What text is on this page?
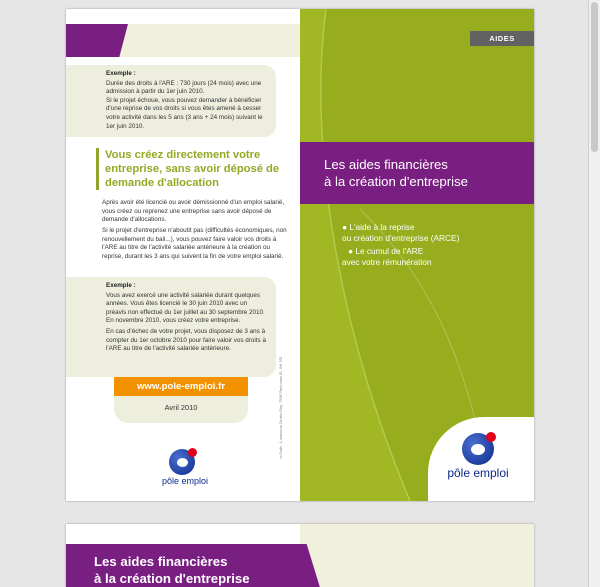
Exemple :

Durée des droits à l'ARE : 730 jours (24 mois) avec une admission à partir du 1er juin 2010.

Si le projet échoue, vous pouvez demander à bénéficier d'une reprise de vos droits si vous êtes amené à cesser votre activité dans les 5 ans (3 ans + 24 mois) suivant le 1er juin 2010.

Vous créez directement votre entreprise, sans avoir déposé de demande d'allocation
Après avoir été licencié ou avoir démissionné d'un emploi salarié, vous créez ou reprenez une entreprise sans avoir déposé de demande d'allocations.
Si le projet d'entreprise n'aboutit pas (difficultés économiques, non renouvellement du bail...), vous pouvez faire valoir vos droits à l'ARE au titre de l'activité salariée antérieure à la création ou reprise, durant les 3 ans qui suivent la fin de votre emploi salarié.
Exemple :

Vous avez exercé une activité salariée durant quelques années. Vous êtes licencié le 30 juin 2010 avec un préavis non effectué du 1er juillet au 30 septembre 2010. En novembre 2010, vous créez votre entreprise.

En cas d'échec de votre projet, vous disposez de 3 ans à compter du 1er octobre 2010 pour faire valoir vos droits à l'ARE au titre de l'activité salariée antérieure.

www.pole-emploi.fr
Avril 2010
pôle emploi
Le Guide - 1, avenue du Docteur Gley - 75987 Paris cedex 20 - Réf. 522
AIDES
Les aides financières
à la création d'entreprise
● L'aide à la reprise
ou création d'entreprise (ARCE)
● Le cumul de l'ARE
avec votre rémunération
pôle emploi
Les aides financières
à la création d'entreprise
